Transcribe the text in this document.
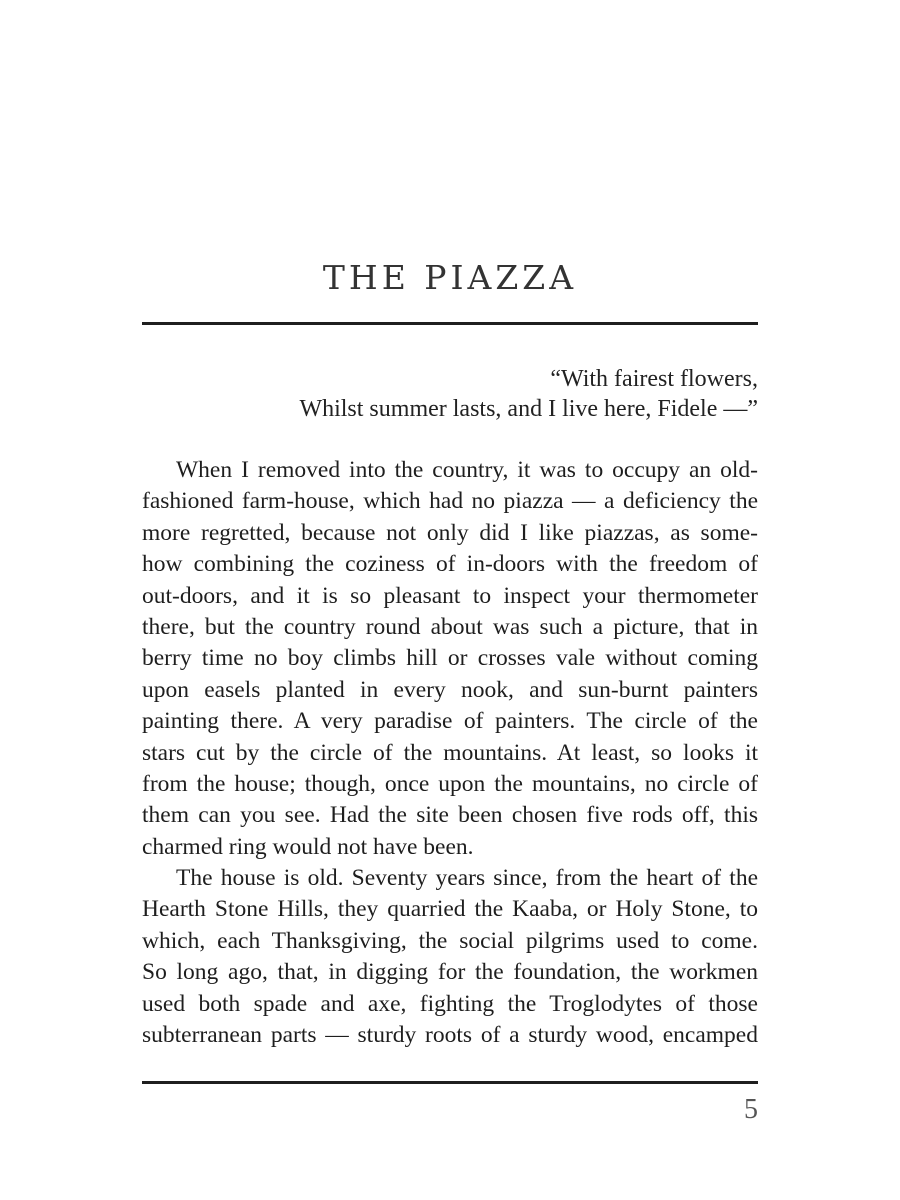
THE PIAZZA
“With fairest flowers,
Whilst summer lasts, and I live here, Fidele —”
When I removed into the country, it was to occupy an old-
fashioned farm-house, which had no piazza — a deficiency the
more regretted, because not only did I like piazzas, as some-
how combining the coziness of in-doors with the freedom of
out-doors, and it is so pleasant to inspect your thermometer
there, but the country round about was such a picture, that in
berry time no boy climbs hill or crosses vale without coming
upon easels planted in every nook, and sun-burnt painters
painting there. A very paradise of painters. The circle of the
stars cut by the circle of the mountains. At least, so looks it
from the house; though, once upon the mountains, no circle of
them can you see. Had the site been chosen five rods off, this
charmed ring would not have been.
The house is old. Seventy years since, from the heart of the
Hearth Stone Hills, they quarried the Kaaba, or Holy Stone, to
which, each Thanksgiving, the social pilgrims used to come.
So long ago, that, in digging for the foundation, the workmen
used both spade and axe, fighting the Troglodytes of those
subterranean parts — sturdy roots of a sturdy wood, encamped
5
